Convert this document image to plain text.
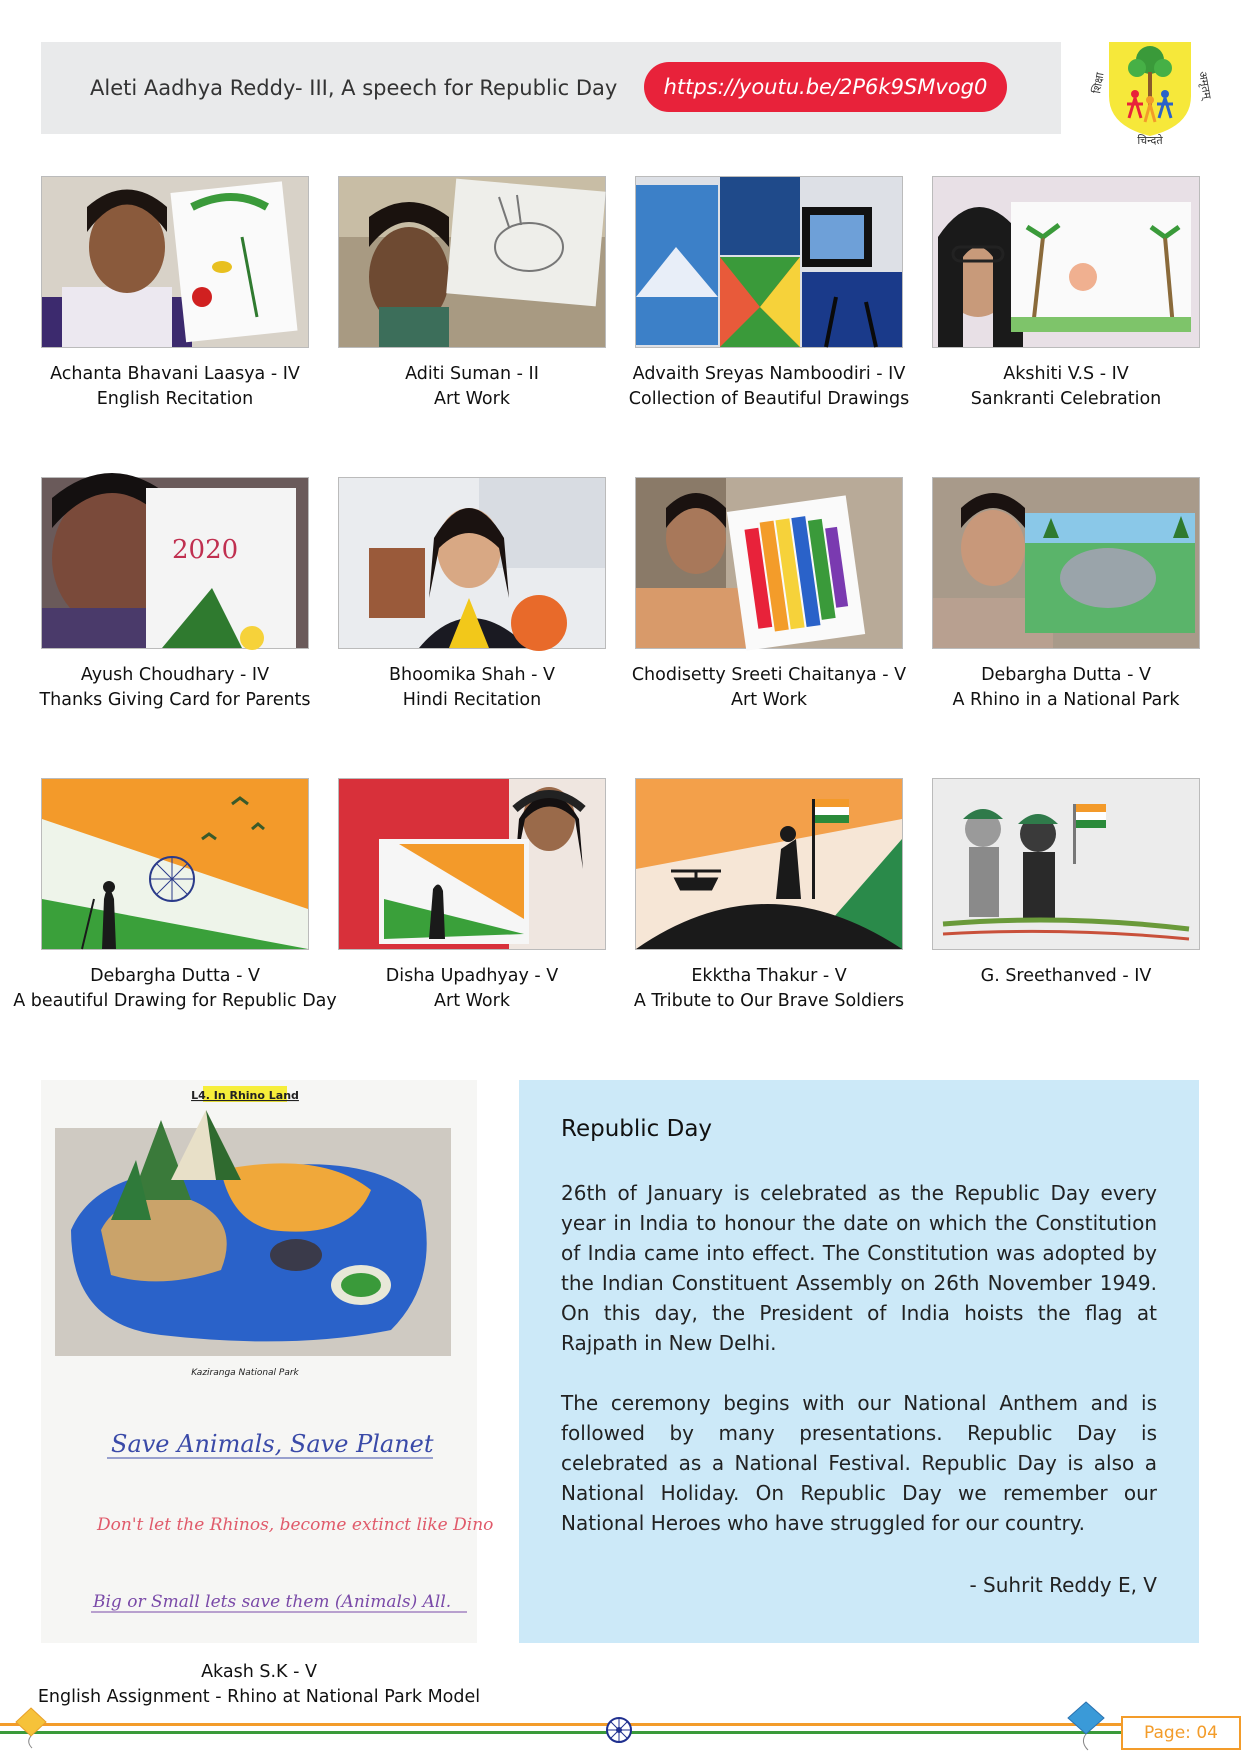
Aleti Aadhya Reddy- III, A speech for Republic Day	https://youtu.be/2P6k9SMvog0	शिक्षा	अमृतम्
चिन्दते
Achanta Bhavani Laasya - IV
English Recitation
Aditi Suman - II
Art Work
Advaith Sreyas Namboodiri - IV
Collection of Beautiful Drawings
Akshiti V.S - IV
Sankranti Celebration
2020
Ayush Choudhary - IV
Thanks Giving Card for Parents
Bhoomika Shah - V
Hindi Recitation
Chodisetty Sreeti Chaitanya - V
Art Work
Debargha Dutta - V
A Rhino in a National Park
Debargha Dutta - V
A beautiful Drawing for Republic Day
Disha Upadhyay - V
Art Work
Ekktha Thakur - V
A Tribute to Our Brave Soldiers
G. Sreethanved - IV
L4. In Rhino Land
Kaziranga National Park
Save Animals, Save Planet
Don't let the Rhinos, become extinct like Dino
Big or Small lets save them (Animals) All.
Akash S.K - V
English Assignment - Rhino at National Park Model
Republic Day

26th of January is celebrated as the Republic Day every year in India to honour the date on which the Constitution of India came into effect. The Constitution was adopted by the Indian Constituent Assembly on 26th November 1949. On this day, the President of India hoists the flag at Rajpath in New Delhi.

The ceremony begins with our National Anthem and is followed by many presentations. Republic Day is celebrated as a National Festival. Republic Day is also a National Holiday. On Republic Day we remember our National Heroes who have struggled for our country.

- Suhrit Reddy E, V
Page: 04
